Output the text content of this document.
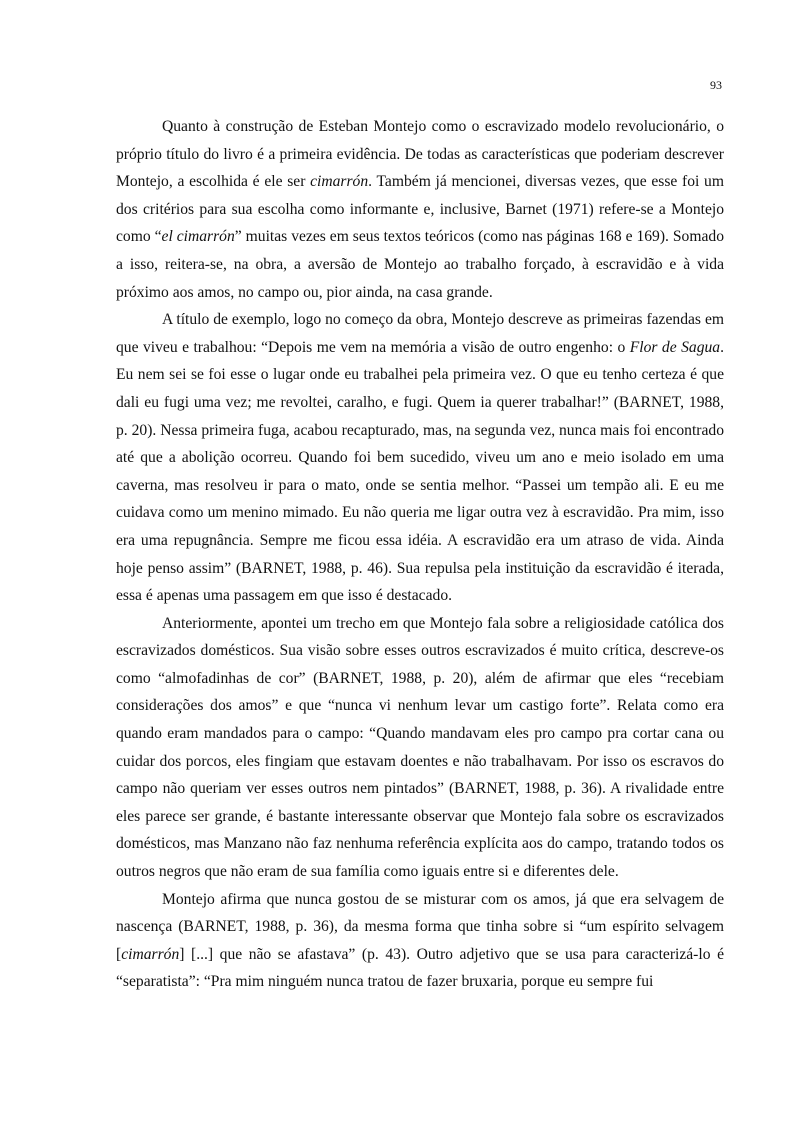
93

Quanto à construção de Esteban Montejo como o escravizado modelo revolucionário, o próprio título do livro é a primeira evidência. De todas as características que poderiam descrever Montejo, a escolhida é ele ser cimarrón. Também já mencionei, diversas vezes, que esse foi um dos critérios para sua escolha como informante e, inclusive, Barnet (1971) refere-se a Montejo como “el cimarrón” muitas vezes em seus textos teóricos (como nas páginas 168 e 169). Somado a isso, reitera-se, na obra, a aversão de Montejo ao trabalho forçado, à escravidão e à vida próximo aos amos, no campo ou, pior ainda, na casa grande.

A título de exemplo, logo no começo da obra, Montejo descreve as primeiras fazendas em que viveu e trabalhou: “Depois me vem na memória a visão de outro engenho: o Flor de Sagua. Eu nem sei se foi esse o lugar onde eu trabalhei pela primeira vez. O que eu tenho certeza é que dali eu fugi uma vez; me revoltei, caralho, e fugi. Quem ia querer trabalhar!” (BARNET, 1988, p. 20). Nessa primeira fuga, acabou recapturado, mas, na segunda vez, nunca mais foi encontrado até que a abolição ocorreu. Quando foi bem sucedido, viveu um ano e meio isolado em uma caverna, mas resolveu ir para o mato, onde se sentia melhor. “Passei um tempão ali. E eu me cuidava como um menino mimado. Eu não queria me ligar outra vez à escravidão. Pra mim, isso era uma repugnância. Sempre me ficou essa idéia. A escravidão era um atraso de vida. Ainda hoje penso assim” (BARNET, 1988, p. 46). Sua repulsa pela instituição da escravidão é iterada, essa é apenas uma passagem em que isso é destacado.

Anteriormente, apontei um trecho em que Montejo fala sobre a religiosidade católica dos escravizados domésticos. Sua visão sobre esses outros escravizados é muito crítica, descreve-os como “almofadinhas de cor” (BARNET, 1988, p. 20), além de afirmar que eles “recebiam considerações dos amos” e que “nunca vi nenhum levar um castigo forte”. Relata como era quando eram mandados para o campo: “Quando mandavam eles pro campo pra cortar cana ou cuidar dos porcos, eles fingiam que estavam doentes e não trabalhavam. Por isso os escravos do campo não queriam ver esses outros nem pintados” (BARNET, 1988, p. 36). A rivalidade entre eles parece ser grande, é bastante interessante observar que Montejo fala sobre os escravizados domésticos, mas Manzano não faz nenhuma referência explícita aos do campo, tratando todos os outros negros que não eram de sua família como iguais entre si e diferentes dele.

Montejo afirma que nunca gostou de se misturar com os amos, já que era selvagem de nascença (BARNET, 1988, p. 36), da mesma forma que tinha sobre si “um espírito selvagem [cimarrón] [...] que não se afastava” (p. 43). Outro adjetivo que se usa para caracterizá-lo é “separatista”: “Pra mim ninguém nunca tratou de fazer bruxaria, porque eu sempre fui
